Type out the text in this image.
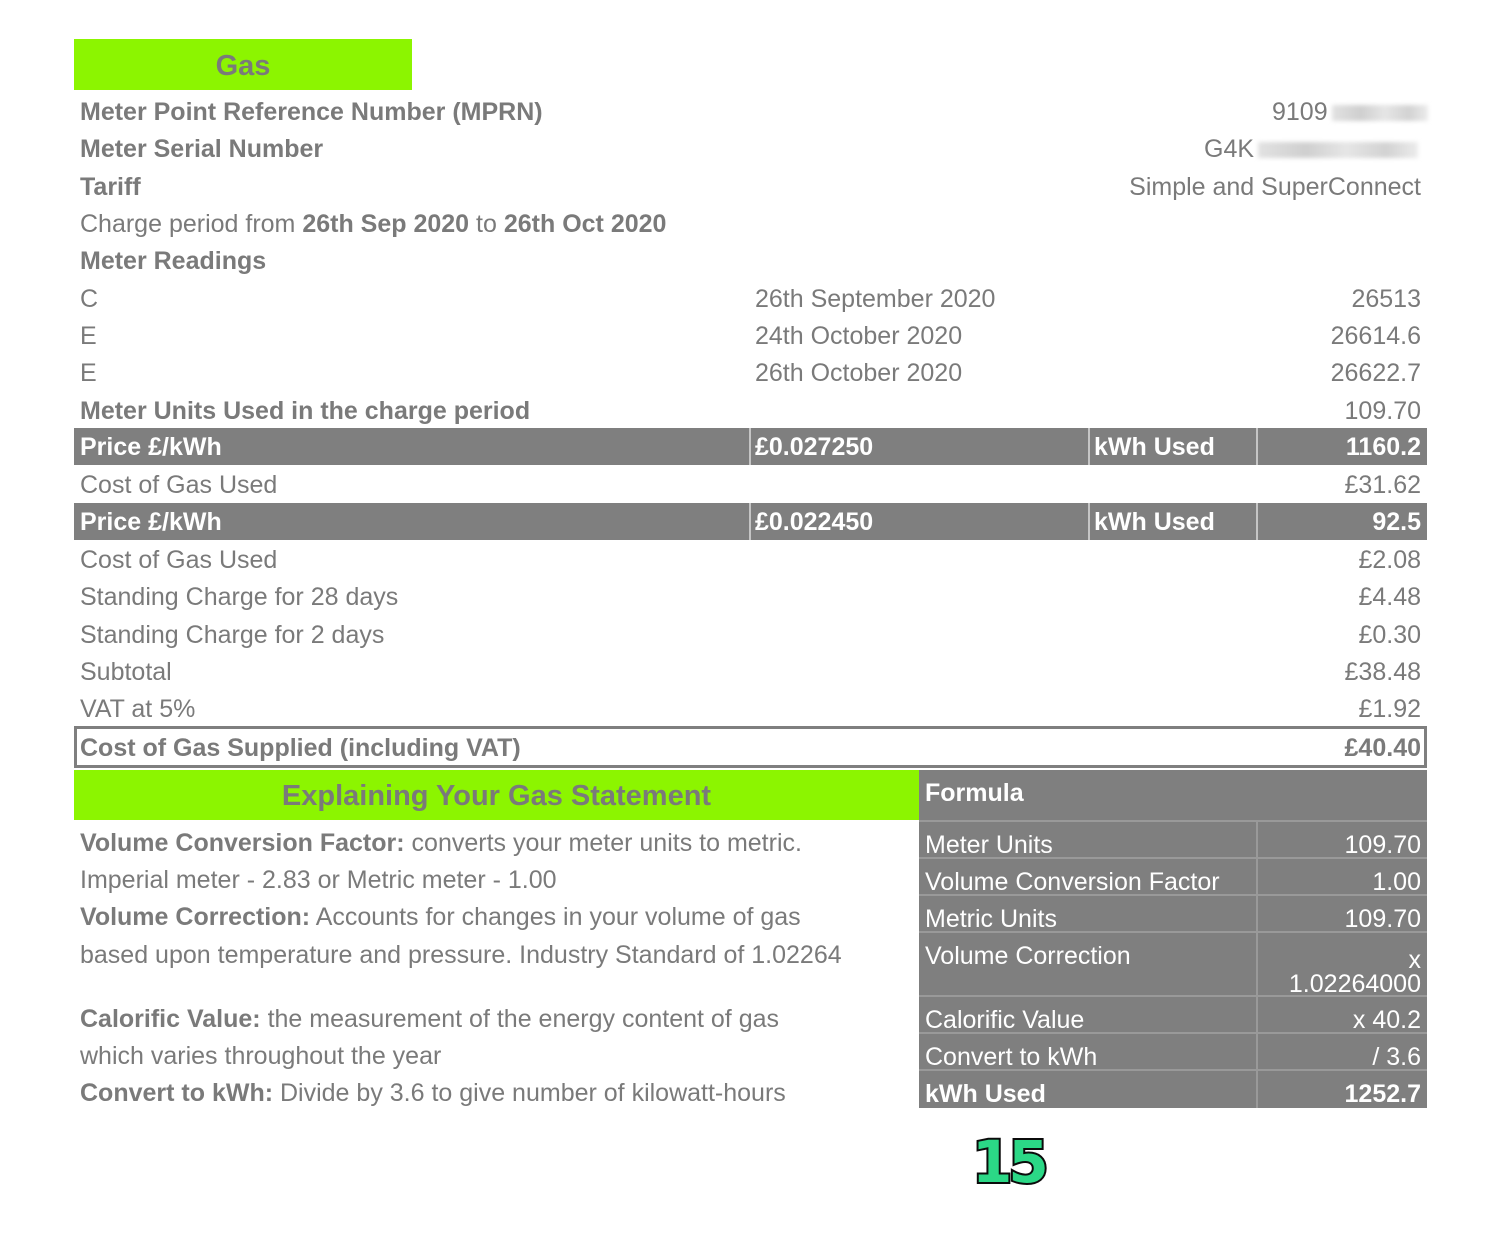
Gas
Meter Point Reference Number (MPRN)	9109
Meter Serial Number	G4K
Tariff	Simple and SuperConnect
Charge period from 26th Sep 2020 to 26th Oct 2020
Meter Readings
C	26th September 2020	26513
E	24th October 2020	26614.6
E	26th October 2020	26622.7
Meter Units Used in the charge period	109.70
Price £/kWh	£0.027250	kWh Used	1160.2
Cost of Gas Used	£31.62
Price £/kWh	£0.022450	kWh Used	92.5
Cost of Gas Used	£2.08
Standing Charge for 28 days	£4.48
Standing Charge for 2 days	£0.30
Subtotal	£38.48
VAT at 5%	£1.92
Cost of Gas Supplied (including VAT)	£40.40
Explaining Your Gas Statement
Volume Conversion Factor: converts your meter units to metric.
Imperial meter - 2.83 or Metric meter - 1.00
Volume Correction: Accounts for changes in your volume of gas
based upon temperature and pressure. Industry Standard of 1.02264
Calorific Value: the measurement of the energy content of gas
which varies throughout the year
Convert to kWh: Divide by 3.6 to give number of kilowatt-hours
Formula
Meter Units	109.70
Volume Conversion Factor	1.00
Metric Units	109.70
Volume Correction	x
1.02264000
Calorific Value	x 40.2
Convert to kWh	/ 3.6
kWh Used	1252.7
15
